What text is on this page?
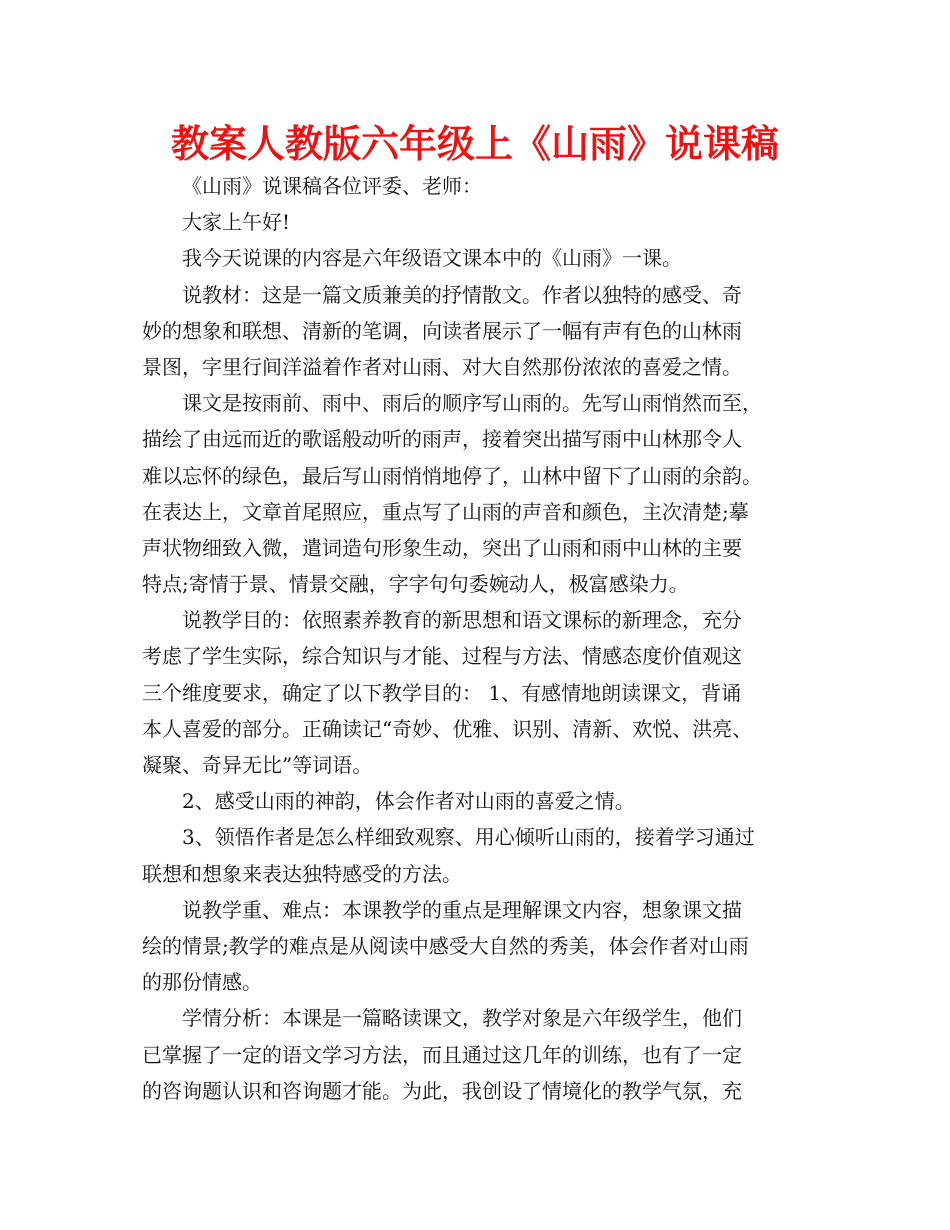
教案人教版六年级上《山雨》说课稿
《山雨》说课稿各位评委、老师：
大家上午好!
我今天说课的内容是六年级语文课本中的《山雨》一课。
说教材：这是一篇文质兼美的抒情散文。作者以独特的感受、奇
妙的想象和联想、清新的笔调，向读者展示了一幅有声有色的山林雨
景图，字里行间洋溢着作者对山雨、对大自然那份浓浓的喜爱之情。
课文是按雨前、雨中、雨后的顺序写山雨的。先写山雨悄然而至，
描绘了由远而近的歌谣般动听的雨声，接着突出描写雨中山林那令人
难以忘怀的绿色，最后写山雨悄悄地停了，山林中留下了山雨的余韵。
在表达上，文章首尾照应，重点写了山雨的声音和颜色，主次清楚;摹
声状物细致入微，遣词造句形象生动，突出了山雨和雨中山林的主要
特点;寄情于景、情景交融，字字句句委婉动人，极富感染力。
说教学目的：依照素养教育的新思想和语文课标的新理念，充分
考虑了学生实际，综合知识与才能、过程与方法、情感态度价值观这
三个维度要求，确定了以下教学目的： 1、有感情地朗读课文，背诵
本人喜爱的部分。正确读记“奇妙、优雅、识别、清新、欢悦、洪亮、
凝聚、奇异无比”等词语。
2、感受山雨的神韵，体会作者对山雨的喜爱之情。
3、领悟作者是怎么样细致观察、用心倾听山雨的，接着学习通过
联想和想象来表达独特感受的方法。
说教学重、难点：本课教学的重点是理解课文内容，想象课文描
绘的情景;教学的难点是从阅读中感受大自然的秀美，体会作者对山雨
的那份情感。
学情分析：本课是一篇略读课文，教学对象是六年级学生，他们
已掌握了一定的语文学习方法，而且通过这几年的训练，也有了一定
的咨询题认识和咨询题才能。为此，我创设了情境化的教学气氛，充
